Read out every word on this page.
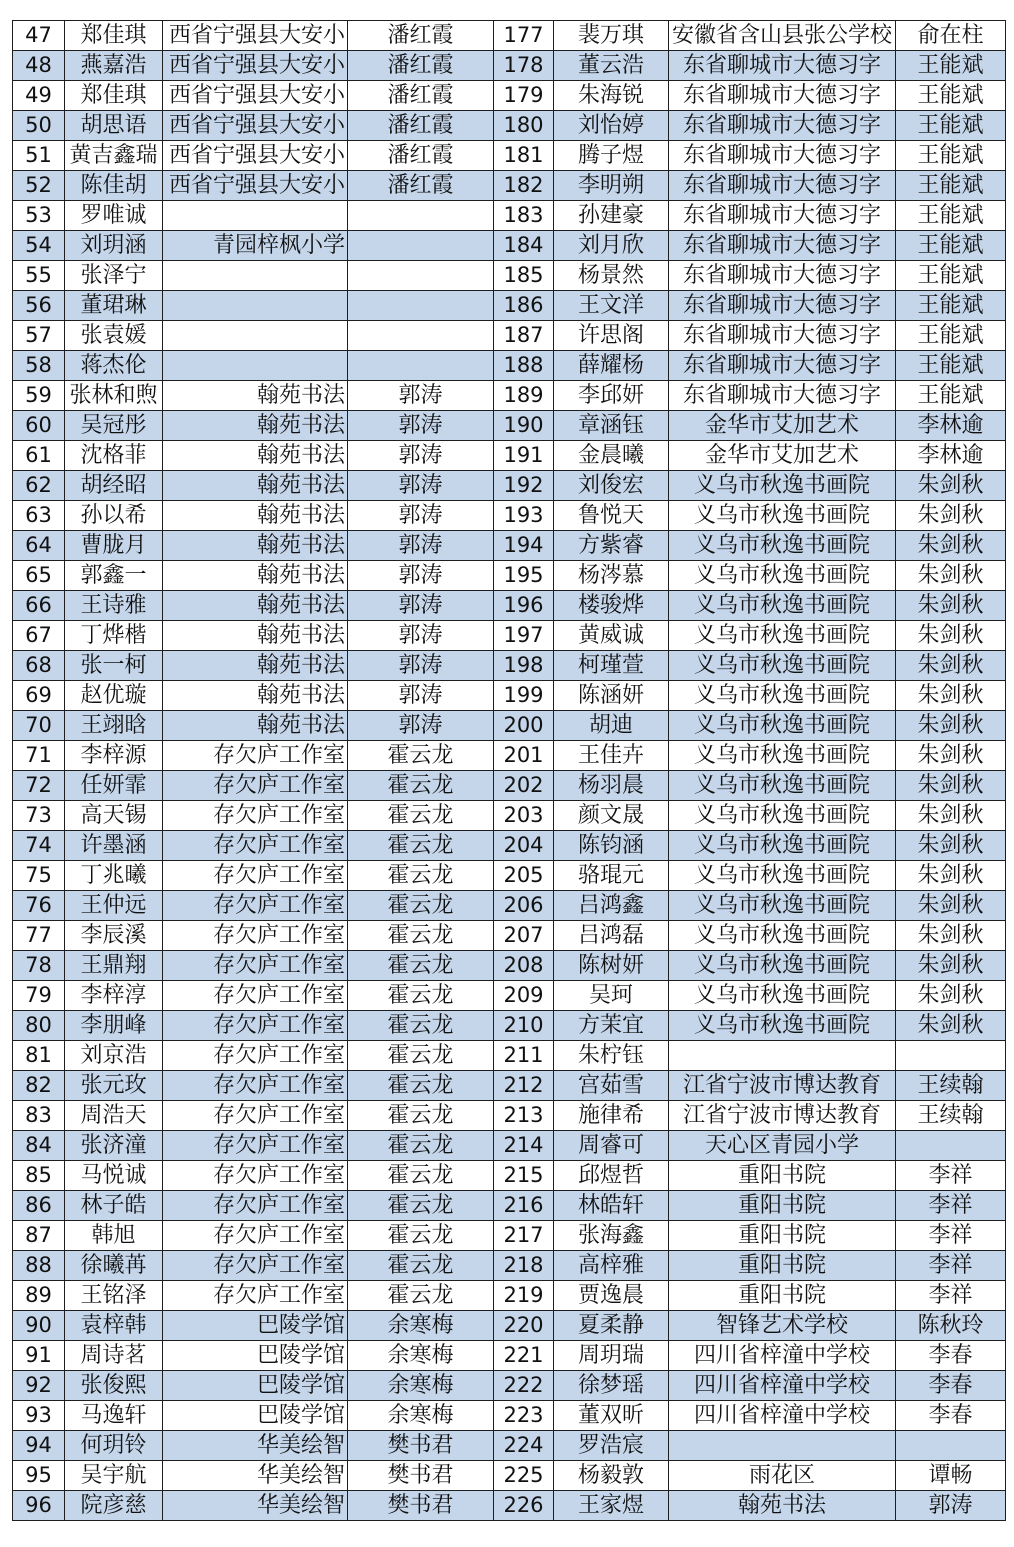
47	郑佳琪	西省宁强县大安小	潘红霞	177	裴万琪	安徽省含山县张公学校	俞在柱
48	燕嘉浩	西省宁强县大安小	潘红霞	178	董云浩	东省聊城市大德习字	王能斌
49	郑佳琪	西省宁强县大安小	潘红霞	179	朱海锐	东省聊城市大德习字	王能斌
50	胡思语	西省宁强县大安小	潘红霞	180	刘怡婷	东省聊城市大德习字	王能斌
51	黄吉鑫瑞	西省宁强县大安小	潘红霞	181	腾子煜	东省聊城市大德习字	王能斌
52	陈佳胡	西省宁强县大安小	潘红霞	182	李明朔	东省聊城市大德习字	王能斌
53	罗唯诚			183	孙建豪	东省聊城市大德习字	王能斌
54	刘玥涵	青园梓枫小学		184	刘月欣	东省聊城市大德习字	王能斌
55	张泽宁			185	杨景然	东省聊城市大德习字	王能斌
56	董珺琳			186	王文洋	东省聊城市大德习字	王能斌
57	张袁媛			187	许思阁	东省聊城市大德习字	王能斌
58	蒋杰伦			188	薛耀杨	东省聊城市大德习字	王能斌
59	张林和煦	翰苑书法	郭涛	189	李邱妍	东省聊城市大德习字	王能斌
60	吴冠彤	翰苑书法	郭涛	190	章涵钰	金华市艾加艺术	李林逾
61	沈格菲	翰苑书法	郭涛	191	金晨曦	金华市艾加艺术	李林逾
62	胡经昭	翰苑书法	郭涛	192	刘俊宏	义乌市秋逸书画院	朱剑秋
63	孙以希	翰苑书法	郭涛	193	鲁悦天	义乌市秋逸书画院	朱剑秋
64	曹胧月	翰苑书法	郭涛	194	方紫睿	义乌市秋逸书画院	朱剑秋
65	郭鑫一	翰苑书法	郭涛	195	杨涔慕	义乌市秋逸书画院	朱剑秋
66	王诗雅	翰苑书法	郭涛	196	楼骏烨	义乌市秋逸书画院	朱剑秋
67	丁烨楷	翰苑书法	郭涛	197	黄威诚	义乌市秋逸书画院	朱剑秋
68	张一柯	翰苑书法	郭涛	198	柯瑾萱	义乌市秋逸书画院	朱剑秋
69	赵优璇	翰苑书法	郭涛	199	陈涵妍	义乌市秋逸书画院	朱剑秋
70	王翊晗	翰苑书法	郭涛	200	胡迪	义乌市秋逸书画院	朱剑秋
71	李梓源	存欠庐工作室	霍云龙	201	王佳卉	义乌市秋逸书画院	朱剑秋
72	任妍霏	存欠庐工作室	霍云龙	202	杨羽晨	义乌市秋逸书画院	朱剑秋
73	高天锡	存欠庐工作室	霍云龙	203	颜文晟	义乌市秋逸书画院	朱剑秋
74	许墨涵	存欠庐工作室	霍云龙	204	陈钧涵	义乌市秋逸书画院	朱剑秋
75	丁兆曦	存欠庐工作室	霍云龙	205	骆琨元	义乌市秋逸书画院	朱剑秋
76	王仲远	存欠庐工作室	霍云龙	206	吕鸿鑫	义乌市秋逸书画院	朱剑秋
77	李辰溪	存欠庐工作室	霍云龙	207	吕鸿磊	义乌市秋逸书画院	朱剑秋
78	王鼎翔	存欠庐工作室	霍云龙	208	陈树妍	义乌市秋逸书画院	朱剑秋
79	李梓淳	存欠庐工作室	霍云龙	209	吴珂	义乌市秋逸书画院	朱剑秋
80	李朋峰	存欠庐工作室	霍云龙	210	方茉宜	义乌市秋逸书画院	朱剑秋
81	刘京浩	存欠庐工作室	霍云龙	211	朱柠钰		
82	张元玫	存欠庐工作室	霍云龙	212	宫茹雪	江省宁波市博达教育	王续翰
83	周浩天	存欠庐工作室	霍云龙	213	施律希	江省宁波市博达教育	王续翰
84	张济潼	存欠庐工作室	霍云龙	214	周睿可	天心区青园小学	
85	马悦诚	存欠庐工作室	霍云龙	215	邱煜哲	重阳书院	李祥
86	林子皓	存欠庐工作室	霍云龙	216	林皓轩	重阳书院	李祥
87	韩旭	存欠庐工作室	霍云龙	217	张海鑫	重阳书院	李祥
88	徐曦苒	存欠庐工作室	霍云龙	218	高梓雅	重阳书院	李祥
89	王铭泽	存欠庐工作室	霍云龙	219	贾逸晨	重阳书院	李祥
90	袁梓韩	巴陵学馆	余寒梅	220	夏柔静	智锋艺术学校	陈秋玲
91	周诗茗	巴陵学馆	余寒梅	221	周玥瑞	四川省梓潼中学校	李春
92	张俊熙	巴陵学馆	余寒梅	222	徐梦瑶	四川省梓潼中学校	李春
93	马逸轩	巴陵学馆	余寒梅	223	董双昕	四川省梓潼中学校	李春
94	何玥铃	华美绘智	樊书君	224	罗浩宸		
95	吴宇航	华美绘智	樊书君	225	杨毅敦	雨花区	谭畅
96	院彦慈	华美绘智	樊书君	226	王家煜	翰苑书法	郭涛
